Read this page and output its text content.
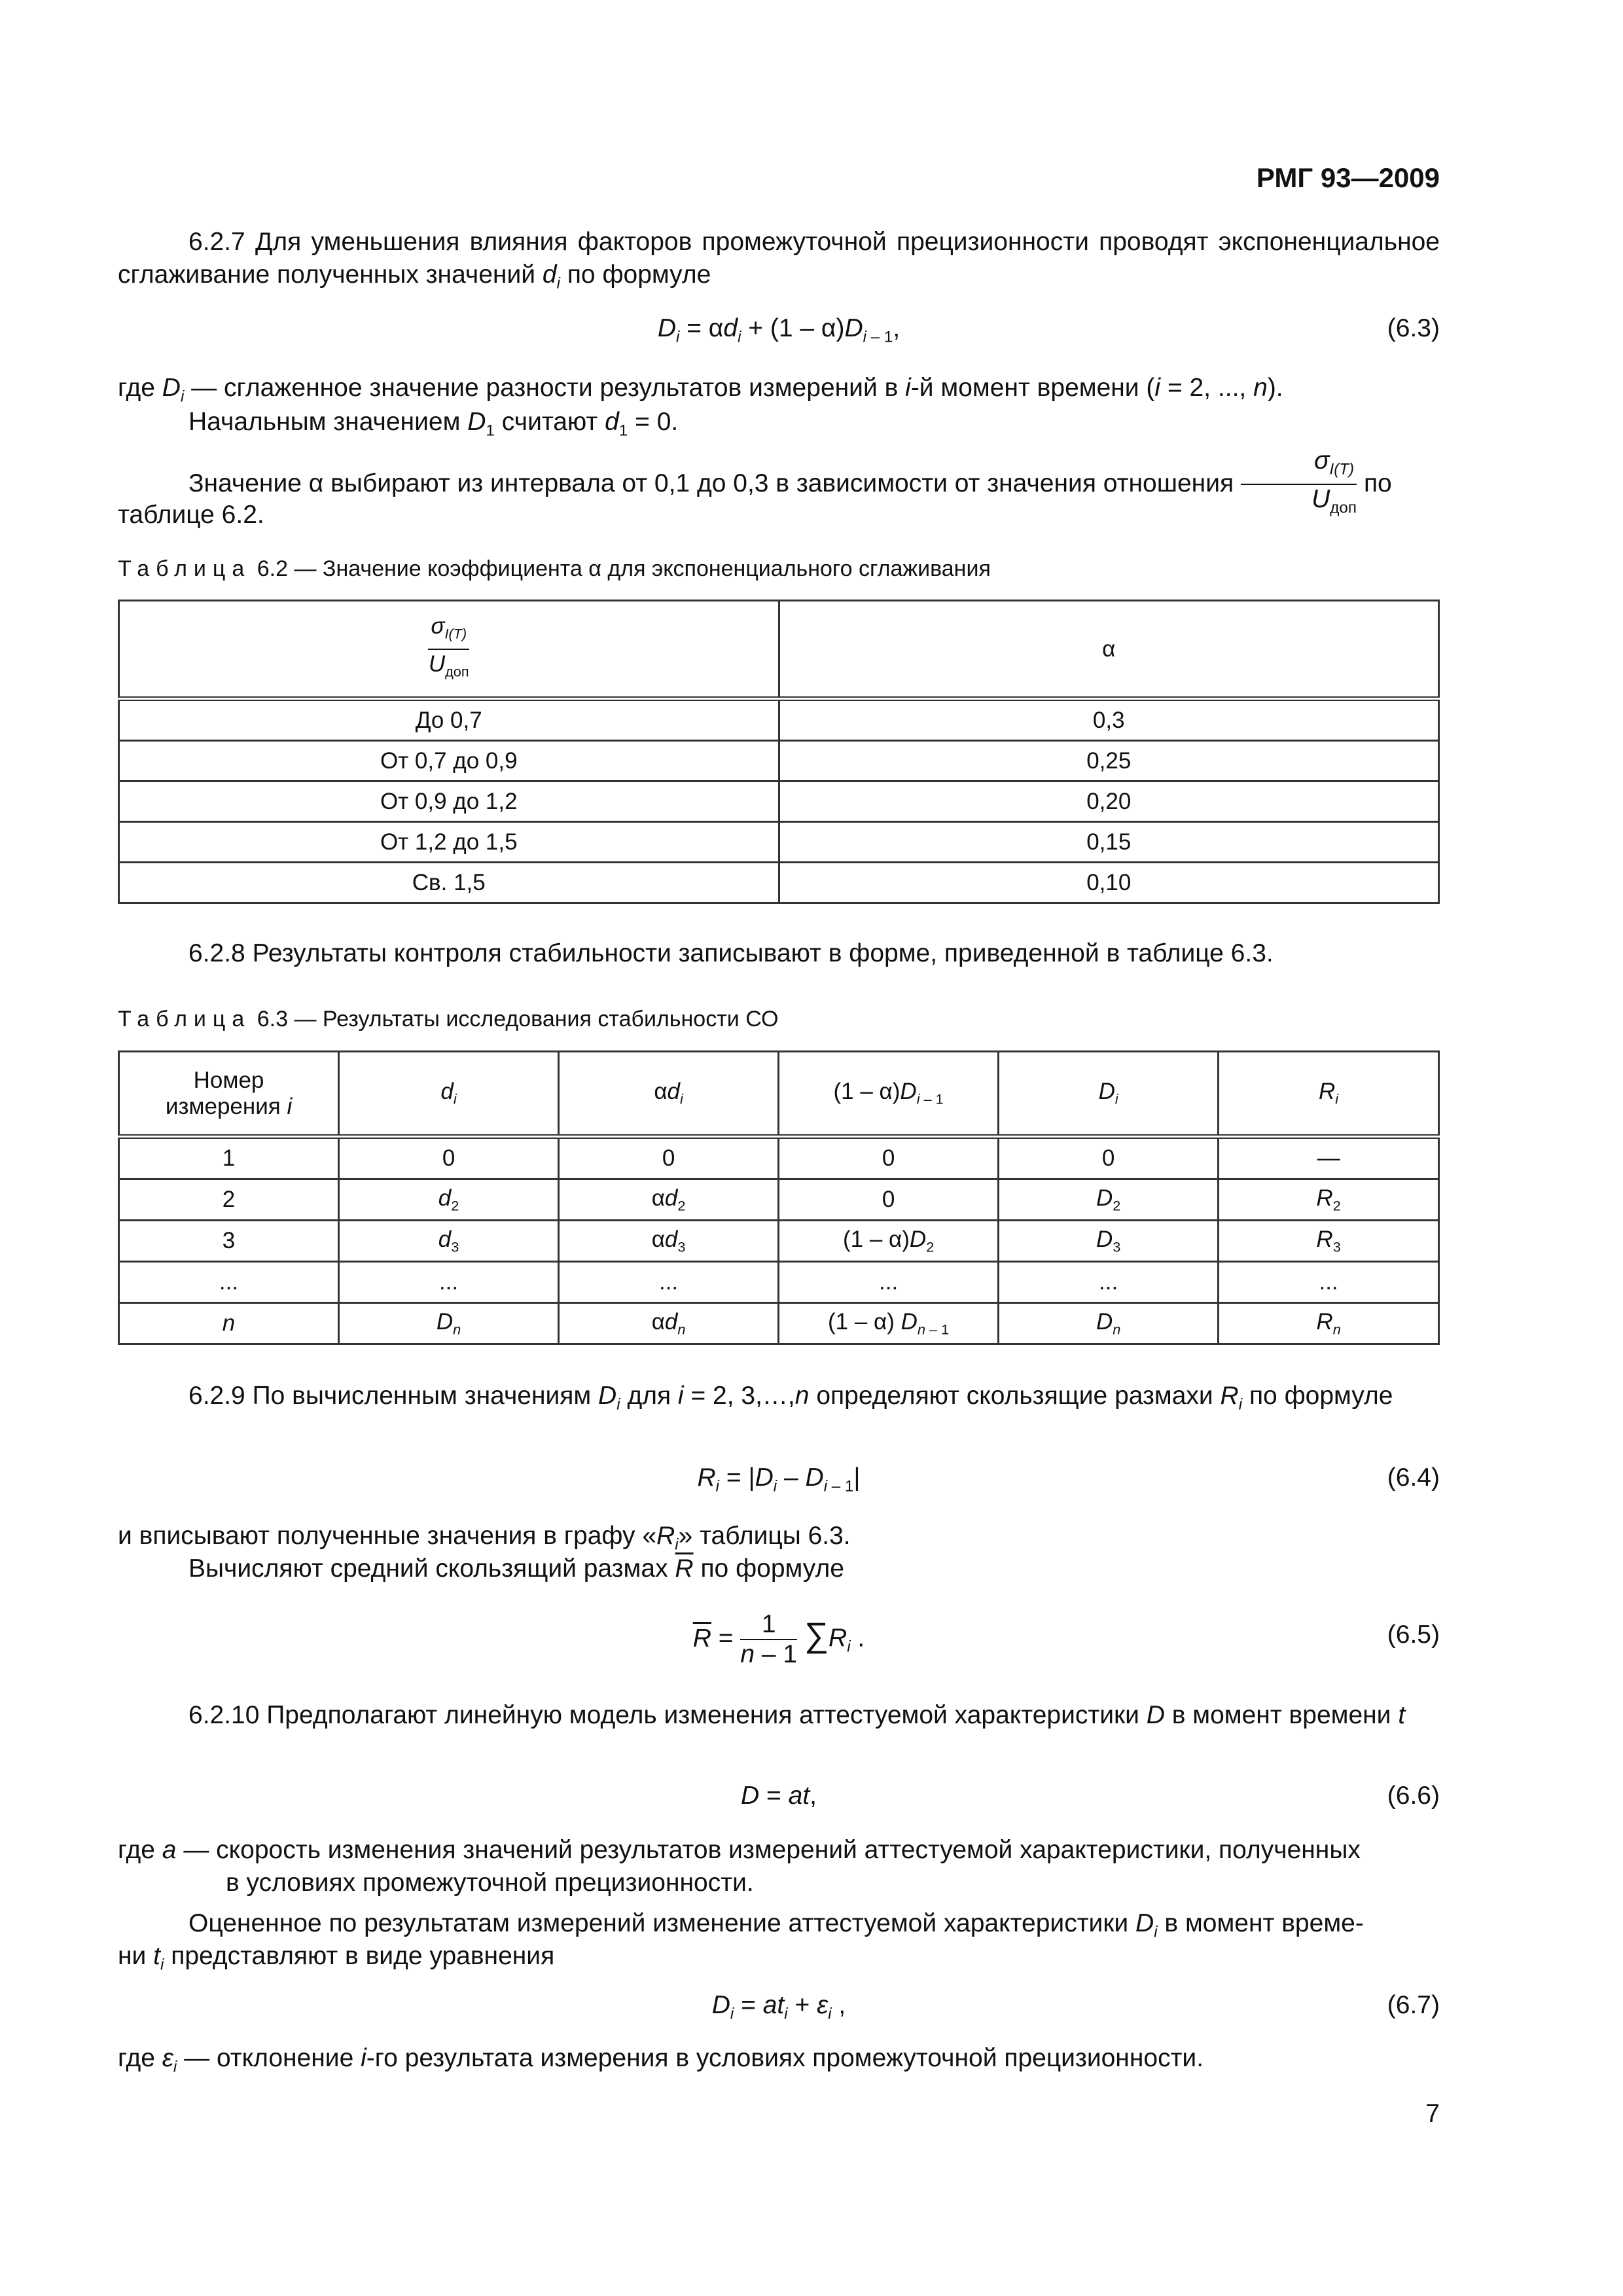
РМГ 93—2009
6.2.7 Для уменьшения влияния факторов промежуточной прецизионности проводят экспоненциальное сглаживание полученных значений $d_i$ по формуле
$D_i = \alpha d_i + (1 - \alpha)D_{i - 1}$,	(6.3)
где $D_i$ — сглаженное значение разности результатов измерений в i-й момент времени (i = 2, ..., n).
Начальным значением $D_1$ считают $d_1 = 0$.
Значение α выбирают из интервала от 0,1 до 0,3 в зависимости от значения отношения $\frac{\sigma_{I(T)}}{U_{доп}}$ по
таблице 6.2.
Таблица 6.2 — Значение коэффициента α для экспоненциального сглаживания
$\frac{\sigma_{I(T)}}{U_{доп}}$	α
До 0,7	0,3
От 0,7 до 0,9	0,25
От 0,9 до 1,2	0,20
От 1,2 до 1,5	0,15
Св. 1,5	0,10
6.2.8 Результаты контроля стабильности записывают в форме, приведенной в таблице 6.3.
Таблица 6.3 — Результаты исследования стабильности СО
Номер
измерения i	$d_i$	$\alpha d_i$	$(1 - \alpha)D_{i - 1}$	$D_i$	$R_i$
1	0	0	0	0	—
2	$d_2$	$\alpha d_2$	0	$D_2$	$R_2$
3	$d_3$	$\alpha d_3$	$(1 - \alpha)D_2$	$D_3$	$R_3$
...	...	...	...	...	...
n	$D_n$	$\alpha d_n$	(1 – α) $D_{n - 1}$	$D_n$	$R_n$
6.2.9 По вычисленным значениям $D_i$ для i = 2, 3,…,n определяют скользящие размахи $R_i$ по формуле
$R_i = |D_i - D_{i - 1}|$	(6.4)
и вписывают полученные значения в графу «$R_i$» таблицы 6.3.
Вычисляют средний скользящий размах $\overline{R}$ по формуле
$\overline{R} = \frac{1}{n - 1} \sum R_i$ .	(6.5)
6.2.10 Предполагают линейную модель изменения аттестуемой характеристики D в момент времени t
D = at,	(6.6)
где a — скорость изменения значений результатов измерений аттестуемой характеристики, полученных
в условиях промежуточной прецизионности.
Оцененное по результатам измерений изменение аттестуемой характеристики $D_i$ в момент време-
ни $t_i$ представляют в виде уравнения
$D_i = at_i + \varepsilon_i$ ,	(6.7)
где $\varepsilon_i$ — отклонение i-го результата измерения в условиях промежуточной прецизионности.
7
